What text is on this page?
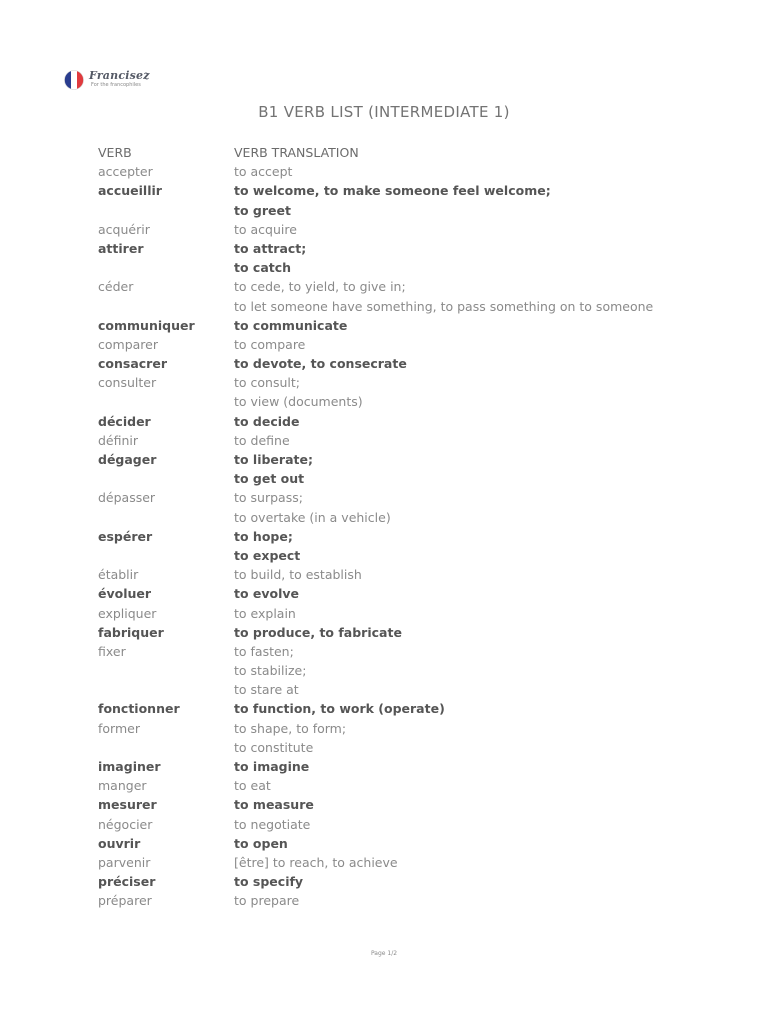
Francisez
For the francophiles
B1 VERB LIST (INTERMEDIATE 1)
VERB	VERB TRANSLATION
accepter	to accept
accueillir	to welcome, to make someone feel welcome;
to greet
acquérir	to acquire
attirer	to attract;
to catch
céder	to cede, to yield, to give in;
to let someone have something, to pass something on to someone
communiquer	to communicate
comparer	to compare
consacrer	to devote, to consecrate
consulter	to consult;
to view (documents)
décider	to decide
définir	to define
dégager	to liberate;
to get out
dépasser	to surpass;
to overtake (in a vehicle)
espérer	to hope;
to expect
établir	to build, to establish
évoluer	to evolve
expliquer	to explain
fabriquer	to produce, to fabricate
fixer	to fasten;
to stabilize;
to stare at
fonctionner	to function, to work (operate)
former	to shape, to form;
to constitute
imaginer	to imagine
manger	to eat
mesurer	to measure
négocier	to negotiate
ouvrir	to open
parvenir	[être] to reach, to achieve
préciser	to specify
préparer	to prepare
Page 1/2
